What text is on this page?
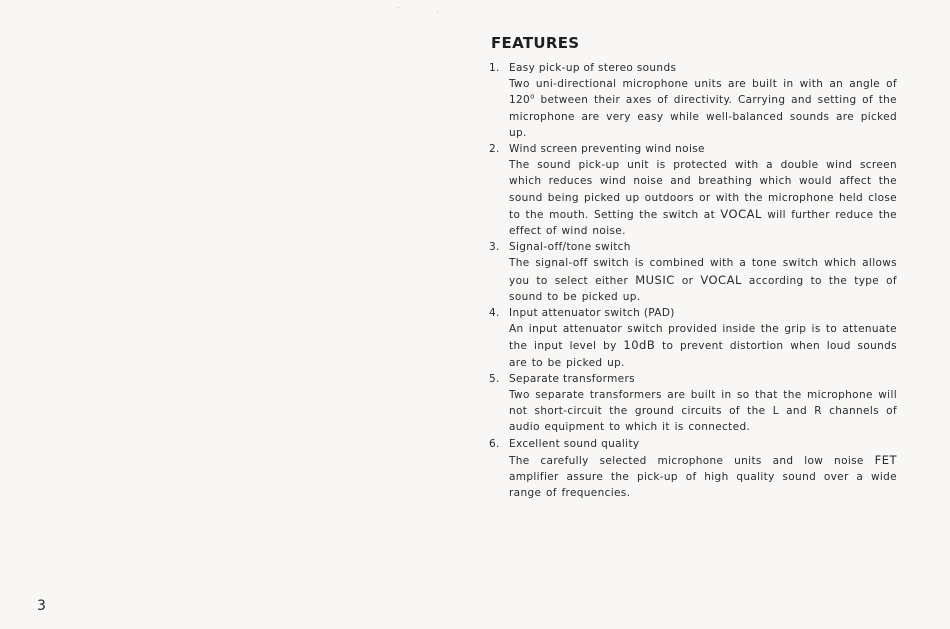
FEATURES
1. Easy pick-up of stereo sounds

Two uni-directional microphone units are built in with an angle of 120$^o$ between their axes of directivity. Carrying and setting of the microphone are very easy while well-balanced sounds are picked up.

2. Wind screen preventing wind noise

The sound pick-up unit is protected with a double wind screen which reduces wind noise and breathing which would affect the sound being picked up outdoors or with the microphone held close to the mouth. Setting the switch at VOCAL will further reduce the effect of wind noise.

3. Signal-off/tone switch

The signal-off switch is combined with a tone switch which allows you to select either MUSIC or VOCAL according to the type of sound to be picked up.

4. Input attenuator switch (PAD)

An input attenuator switch provided inside the grip is to attenuate the input level by 10dB to prevent distortion when loud sounds are to be picked up.

5. Separate transformers

Two separate transformers are built in so that the microphone will not short-circuit the ground circuits of the L and R channels of audio equipment to which it is connected.

6. Excellent sound quality

The carefully selected microphone units and low noise FET amplifier assure the pick-up of high quality sound over a wide range of frequencies.

3
